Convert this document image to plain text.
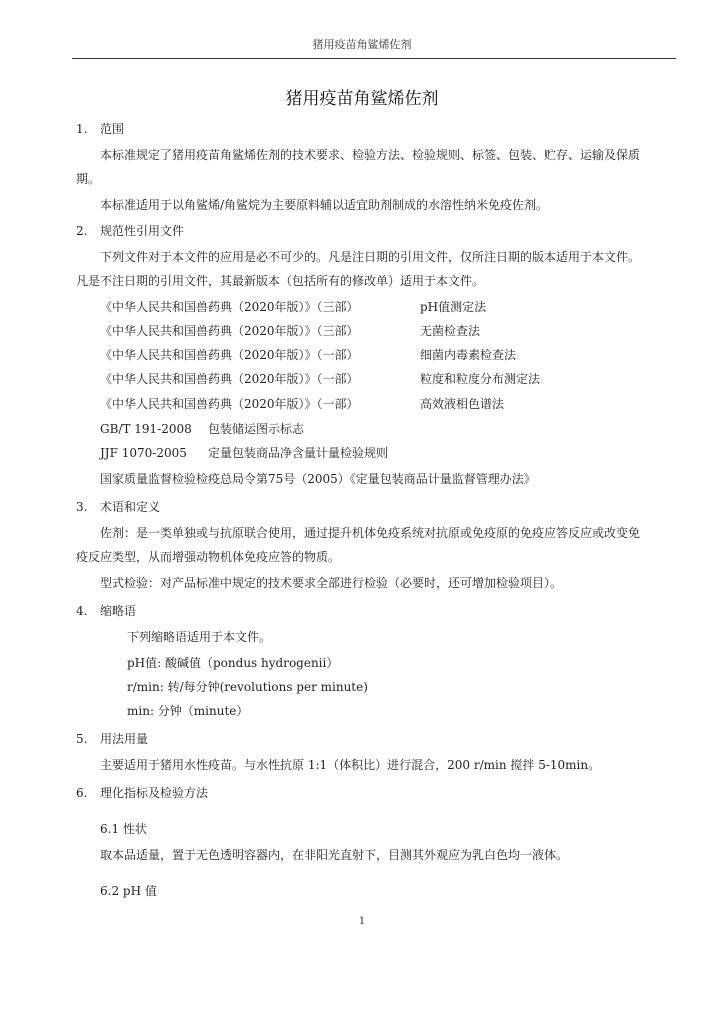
猪用疫苗角鲨烯佐剂
猪用疫苗角鲨烯佐剂
1. 范围
本标准规定了猪用疫苗角鲨烯佐剂的技术要求、检验方法、检验规则、标签、包装、贮存、运输及保质
期。
本标准适用于以角鲨烯/角鲨烷为主要原料辅以适宜助剂制成的水溶性纳米免疫佐剂。
2. 规范性引用文件
下列文件对于本文件的应用是必不可少的。凡是注日期的引用文件，仅所注日期的版本适用于本文件。
凡是不注日期的引用文件，其最新版本（包括所有的修改单）适用于本文件。
《中华人民共和国兽药典（2020年版）》（三部）	pH值测定法
《中华人民共和国兽药典（2020年版）》（三部）	无菌检查法
《中华人民共和国兽药典（2020年版）》（一部）	细菌内毒素检查法
《中华人民共和国兽药典（2020年版）》（一部）	粒度和粒度分布测定法
《中华人民共和国兽药典（2020年版）》（一部）	高效液相色谱法
GB/T 191-2008 包装储运图示标志
JJF 1070-2005 定量包装商品净含量计量检验规则
国家质量监督检验检疫总局令第75号（2005）《定量包装商品计量监督管理办法》
3. 术语和定义
佐剂：是一类单独或与抗原联合使用，通过提升机体免疫系统对抗原或免疫原的免疫应答反应或改变免
疫反应类型，从而增强动物机体免疫应答的物质。
型式检验：对产品标准中规定的技术要求全部进行检验（必要时，还可增加检验项目）。
4. 缩略语
下列缩略语适用于本文件。
pH值: 酸碱值（pondus hydrogenii）
r/min: 转/每分钟(revolutions per minute)
min: 分钟（minute）
5. 用法用量
主要适用于猪用水性疫苗。与水性抗原 1:1（体积比）进行混合，200 r/min 搅拌 5-10min。
6. 理化指标及检验方法
6.1 性状
取本品适量，置于无色透明容器内，在非阳光直射下，目测其外观应为乳白色均一液体。
6.2 pH 值
1
